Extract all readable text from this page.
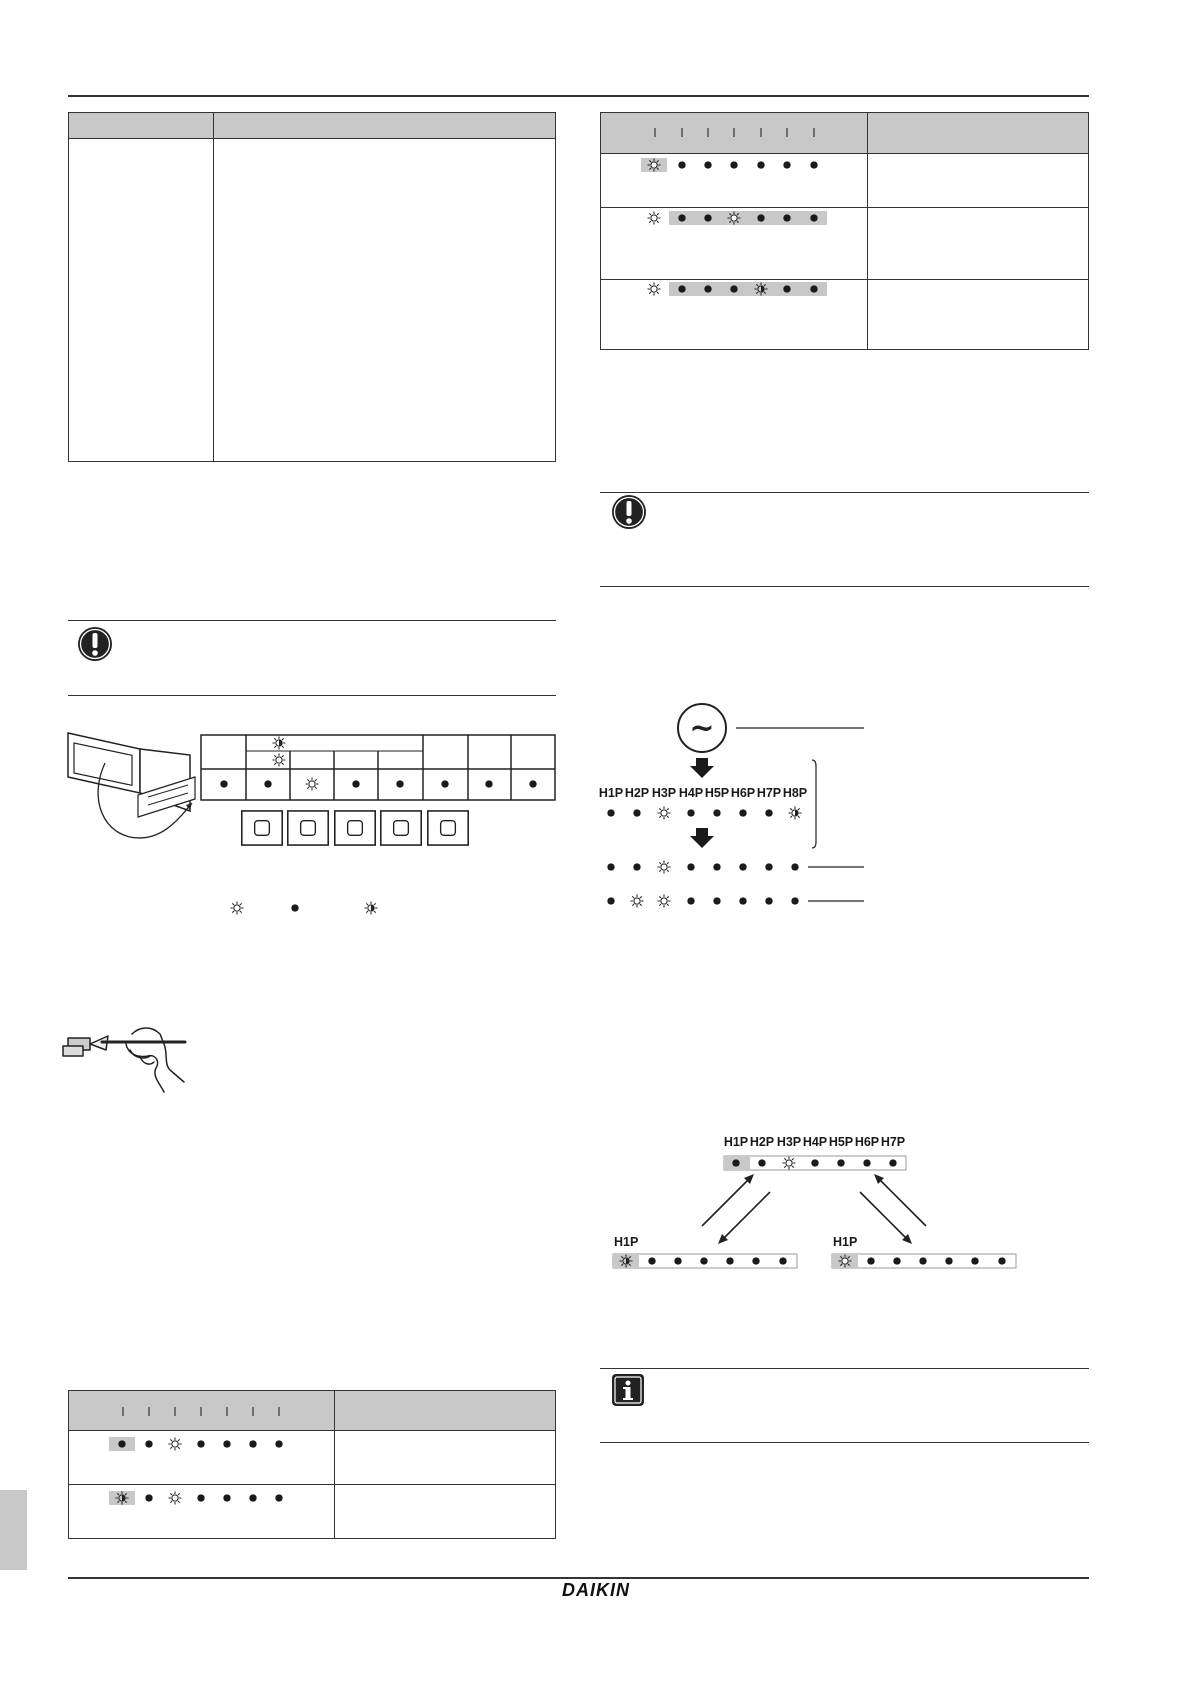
~
H1P H2P H3P H4P H5P H6P H7P H8P
H1P H2P H3P H4P H5P H6P H7P
H1P	H1P
DAIKIN
